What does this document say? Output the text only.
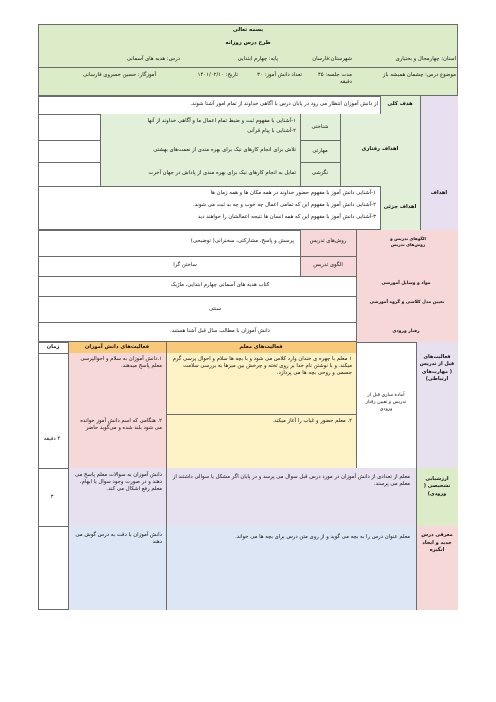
بسمه تعالی
طرح درس روزانه
استان: چهارمحال و بختیاری
شهرستان:فارسان
پایه: چهارم ابتدایی
درس: هدیه های آسمانی
موضوع درس: چشمان همیشه باز
مدت جلسه: ۴۵ دقیقه
تعداد دانش آموز: ۳۰
تاریخ: ۱۴۰۱/۰۲/۱۰
آموزگار: حسین خسروی فارسانی
اهداف
هدف کلی
از دانش آموزان انتظار می رود در پایان درس با آگاهی خداوند از تمام امور آشنا شوند.
اهداف رفتاری
شناختی
مهارتی
نگرشی
۱-آشنایی با مفهوم ثبت و ضبط تمام اعمال ما و آگاهی خداوند از آنها
۲-آشنایی با پیام قرآنی
تلاش برای انجام کارهای نیک برای بهره مندی از نعمت‌های بهشتی
تمایل به انجام کارهای نیک برای بهره مندی از پاداش در جهان آخرت
اهداف جزئی
۱-آشنایی دانش آموز با مفهوم حضور خداوند در همه مکان ها و همه زمان ها
۲-آشنایی دانش آموز با مفهوم این که تمامی اعمال چه خوب و چه بد ثبت می شوند.
۳-آشنایی دانش آموز با مفهوم این که همه انسان ها نتیجه اعمالشان را خواهند دید
الگوهای تدریس و روش‌های تدریس
روش‌های تدریس
پرسش و پاسخ، مشارکتی، سخنرانی( توضیحی)
الگوی تدریس
ساختن گرا
مواد و وسایل آموزشی
کتاب هدیه های آسمانی چهارم ابتدایی، ماژیک
تعیین مدل کلاسی و گروه آموزشی
سنتی
رفتار ورودی
دانش آموزان با مطالب سال قبل آشنا هستند.
فعالیت‌های معلم
فعالیت‌های دانش آموزان
زمان
فعالیت‌های قبل از تدریس ( مهارت‌های ارتباطی)
آماده سازی قبل از تدریس و تعیین رفتار ورودی
۱ معلم با چهره ی خندان وارد کلاس می شود و با بچه ها سلام و احوال پرسی گرم میکند. و با نوشتن نام خدا بر روی تخته و چرخش بین میزها به بررسی سلامت جسمی و روحی بچه ها می پردازد.
۲. معلم حضور و غیاب را آغاز میکند.
۱.دانش آموزان به سلام و احوالپرسی معلم پاسخ میدهند.
۲. هنگامی که اسم دانش آموز خوانده می شود بلند شده و می‌گوید حاضر
۴ دقیقه
ارزشیابی تشخیصی ( ورودی)
معلم از تعدادی از دانش آموزان در مورد درس قبل سوال می پرسد و در پایان اگر مشکل یا سوالی داشتند از معلم می پرسند.
دانش آموزان به سوالات معلم پاسخ می دهند و در صورت وجود سوال یا ابهام، معلم رفع اشکال می کند.
۳
معرفی درس جدید و ایجاد انگیزه
معلم عنوان درس را به بچه می گوید و از روی متن درس برای بچه ها می خواند.
دانش آموزان با دقت به درس گوش می دهند
